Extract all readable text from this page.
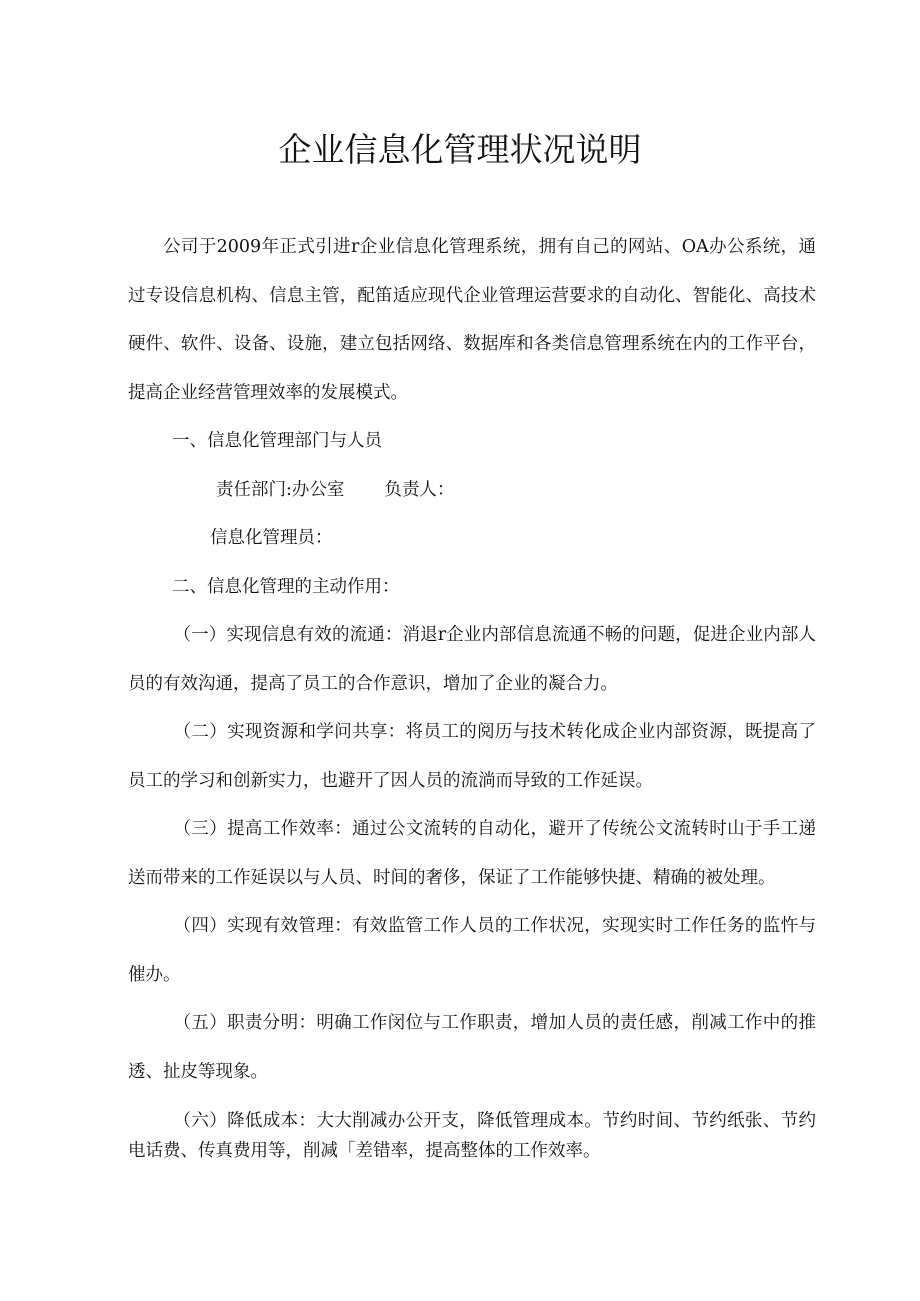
企业信息化管理状况说明

公司于2009年正式引进r企业信息化管理系统，拥有自己的网站、OA办公系统，通过专设信息机构、信息主管，配笛适应现代企业管理运营要求的自动化、智能化、高技术硬件、软件、设备、设施，建立包括网络、数据库和各类信息管理系统在内的工作平台，提高企业经营管理效率的发展模式。

一、信息化管理部门与人员

责任部门:办公室 负责人：

信息化管理员：

二、信息化管理的主动作用：

（一）实现信息有效的流通：消退r企业内部信息流通不畅的问题，促进企业内部人员的有效沟通，提高了员工的合作意识，增加了企业的凝合力。

（二）实现资源和学问共享：将员工的阅历与技术转化成企业内部资源，既提高了员工的学习和创新实力，也避开了因人员的流淌而导致的工作延误。

（三）提高工作效率：通过公文流转的自动化，避开了传统公文流转时山于手工递送而带来的工作延误以与人员、时间的奢侈，保证了工作能够快捷、精确的被处理。

（四）实现有效管理：有效监管工作人员的工作状况，实现实时工作任务的监忤与催办。

（五）职责分明：明确工作闵位与工作职责，增加人员的责任感，削减工作中的推透、扯皮等现象。

（六）降低成本：大大削减办公开支，降低管理成本。节约时间、节约纸张、节约电话费、传真费用等，削减「差错率，提高整体的工作效率。
